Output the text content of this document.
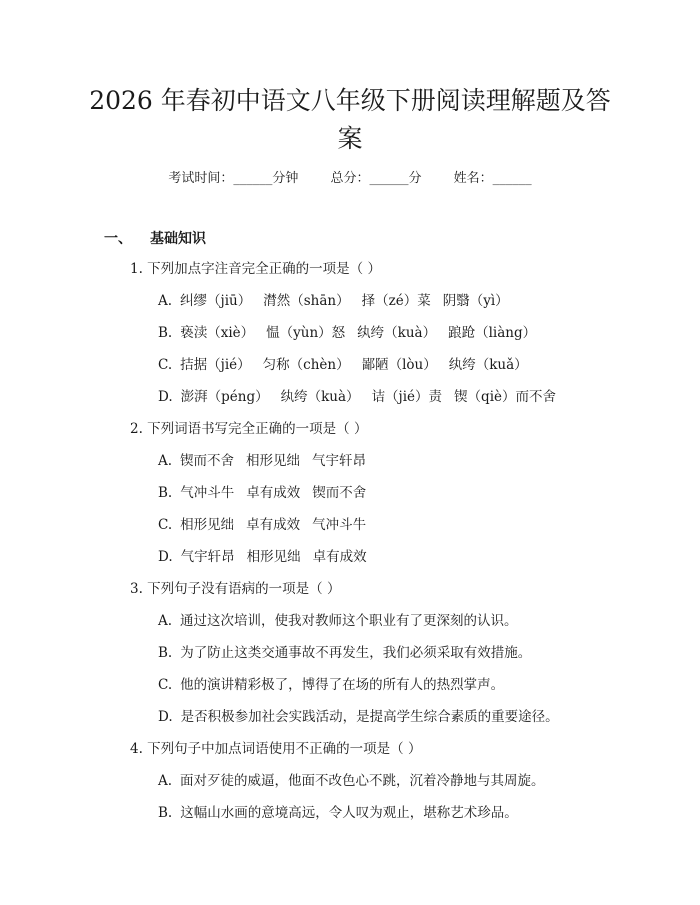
2026 年春初中语文八年级下册阅读理解题及答案
考试时间：______分钟 总分：______分 姓名：______
一、 基础知识
1. 下列加点字注音完全正确的一项是（ ）
A. 纠缪（jiū） 潸然（shān） 择（zé）菜 阴翳（yì）
B. 亵渎（xiè） 愠（yùn）怒 纨绔（kuà） 踉跄（liàng）
C. 拮据（jié） 匀称（chèn） 鄙陋（lòu） 纨绔（kuǎ）
D. 澎湃（péng） 纨绔（kuà） 诘（jié）责 锲（qiè）而不舍
2. 下列词语书写完全正确的一项是（ ）
A. 锲而不舍 相形见绌 气宇轩昂
B. 气冲斗牛 卓有成效 锲而不舍
C. 相形见绌 卓有成效 气冲斗牛
D. 气宇轩昂 相形见绌 卓有成效
3. 下列句子没有语病的一项是（ ）
A. 通过这次培训，使我对教师这个职业有了更深刻的认识。
B. 为了防止这类交通事故不再发生，我们必须采取有效措施。
C. 他的演讲精彩极了，博得了在场的所有人的热烈掌声。
D. 是否积极参加社会实践活动，是提高学生综合素质的重要途径。
4. 下列句子中加点词语使用不正确的一项是（ ）
A. 面对歹徒的威逼，他面不改色心不跳，沉着冷静地与其周旋。
B. 这幅山水画的意境高远，令人叹为观止，堪称艺术珍品。
